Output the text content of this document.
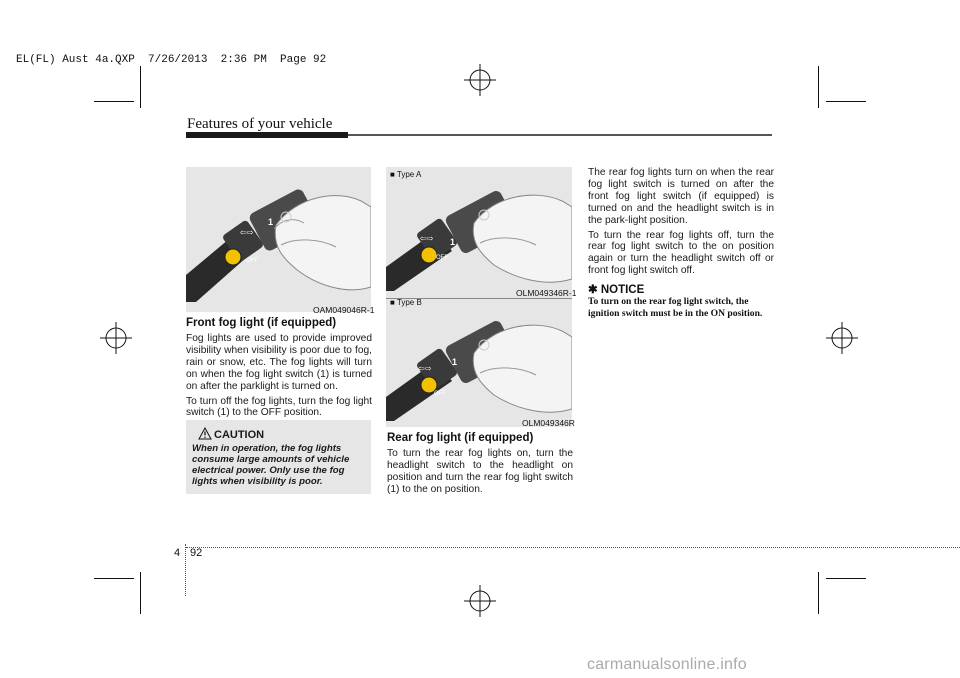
EL(FL) Aust 4a.QXP  7/26/2013  2:36 PM  Page 92
Features of your vehicle
⇦⇨
1
OFF
OAM049046R-1
Front fog light (if equipped)

Fog lights are used to provide improved visibility when visibility is poor due to fog, rain or snow, etc. The fog lights will turn on when the fog light switch (1) is turned on after the parklight is turned on.

To turn off the fog lights, turn the fog light switch (1) to the OFF position.

CAUTION
When in operation, the fog lights consume large amounts of vehicle electrical power. Only use the fog lights when visibility is poor.
⇦⇨ 1
OFF
■ Type A
OLM049346R-1
⇦⇨
1
OFF
■ Type B
OLM049346R
Rear fog light (if equipped)

To turn the rear fog lights on, turn the headlight switch to the headlight on position and turn the rear fog light switch (1) to the on position.

The rear fog lights turn on when the rear fog light switch is turned on after the front fog light switch (if equipped) is turned on and the headlight switch is in the park-light position.

To turn the rear fog lights off, turn the rear fog light switch to the on position again or turn the headlight switch off or front fog light switch off.

✱ NOTICE
To turn on the rear fog light switch, the ignition switch must be in the ON position.
4 92
carmanualsonline.info
